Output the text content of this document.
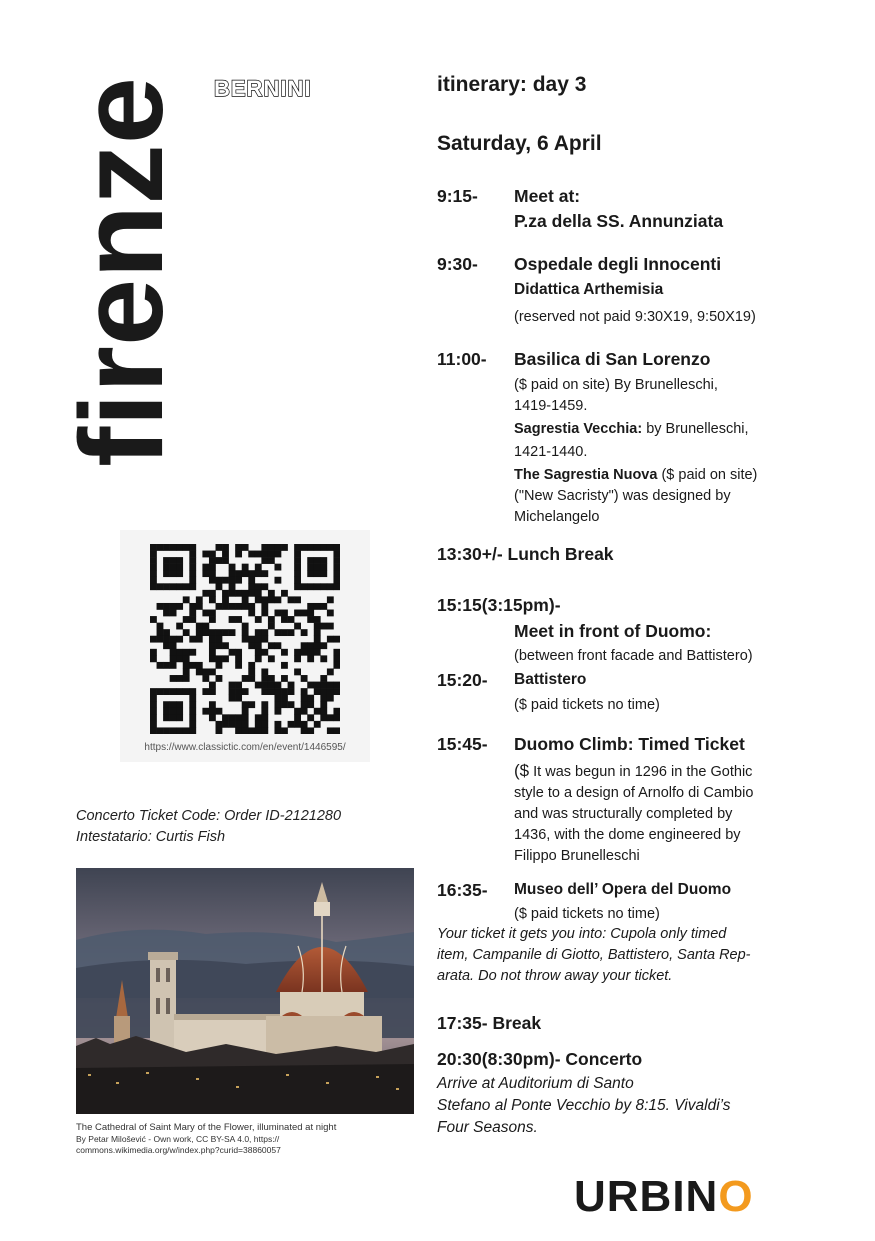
firenze BERNINI
https://www.classictic.com/en/event/1446595/
Concerto Ticket Code: Order ID-2121280
Intestatario: Curtis Fish
The Cathedral of Saint Mary of the Flower, illuminated at night
By Petar Milošević - Own work, CC BY-SA 4.0, https://
commons.wikimedia.org/w/index.php?curid=38860057
itinerary: day 3
Saturday, 6 April
9:15- Meet at:
P.za della SS. Annunziata
9:30- Ospedale degli Innocenti
Didattica Arthemisia
(reserved not paid 9:30X19, 9:50X19)
11:00- Basilica di San Lorenzo
($ paid on site) By Brunelleschi,
1419-1459.
Sagrestia Vecchia: by Brunelleschi,
1421-1440.
The Sagrestia Nuova ($ paid on site)
("New Sacristy") was designed by
Michelangelo
13:30+/- Lunch Break
15:15(3:15pm)-
Meet in front of Duomo:
(between front facade and Battistero)
15:20- Battistero
($ paid tickets no time)
15:45- Duomo Climb: Timed Ticket
($ It was begun in 1296 in the Gothic
style to a design of Arnolfo di Cambio
and was structurally completed by
1436, with the dome engineered by
Filippo Brunelleschi
16:35- Museo dell’ Opera del Duomo
($ paid tickets no time)
Your ticket it gets you into: Cupola only timed
item, Campanile di Giotto, Battistero, Santa Rep-
arata. Do not throw away your ticket.
17:35- Break
20:30(8:30pm)- Concerto
Arrive at Auditorium di Santo
Stefano al Ponte Vecchio by 8:15. Vivaldi’s
Four Seasons.
URBINO
